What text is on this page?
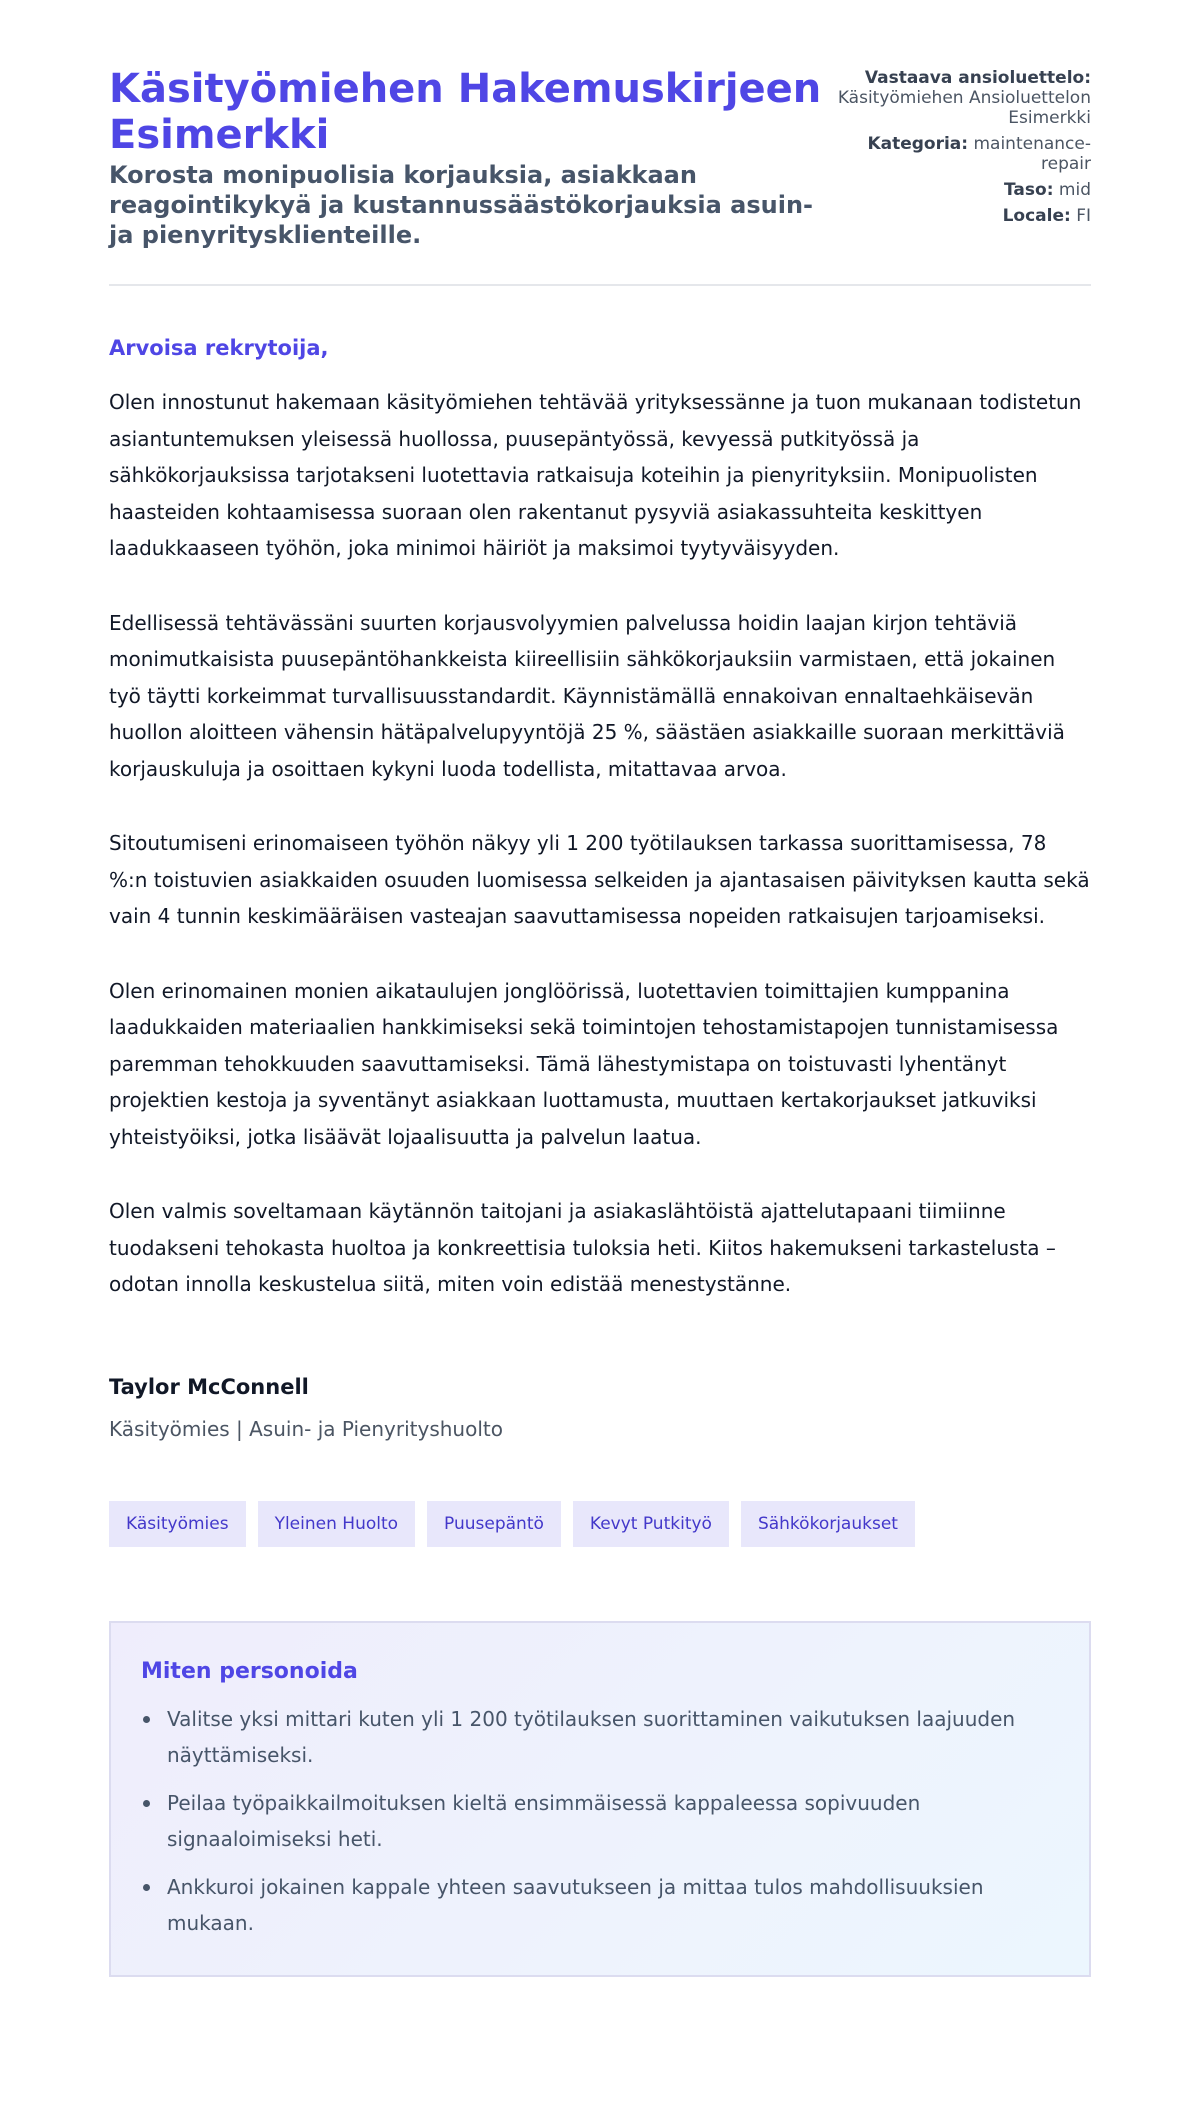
Käsityömiehen Hakemuskirjeen Esimerkki
Korosta monipuolisia korjauksia, asiakkaan reagointikykyä ja kustannussäästökorjauksia asuin- ja pienyritysklienteille.
Vastaava ansioluettelo: Käsityömiehen Ansioluettelon Esimerkki
Kategoria: maintenance-repair
Taso: mid
Locale: FI

Arvoisa rekrytoija,

Olen innostunut hakemaan käsityömiehen tehtävää yrityksessänne ja tuon mukanaan todistetun asiantuntemuksen yleisessä huollossa, puusepäntyössä, kevyessä putkityössä ja sähkökorjauksissa tarjotakseni luotettavia ratkaisuja koteihin ja pienyrityksiin. Monipuolisten haasteiden kohtaamisessa suoraan olen rakentanut pysyviä asiakassuhteita keskittyen laadukkaaseen työhön, joka minimoi häiriöt ja maksimoi tyytyväisyyden.

Edellisessä tehtävässäni suurten korjausvolyymien palvelussa hoidin laajan kirjon tehtäviä monimutkaisista puusepäntöhankkeista kiireellisiin sähkökorjauksiin varmistaen, että jokainen työ täytti korkeimmat turvallisuusstandardit. Käynnistämällä ennakoivan ennaltaehkäisevän huollon aloitteen vähensin hätäpalvelupyyntöjä 25 %, säästäen asiakkaille suoraan merkittäviä korjauskuluja ja osoittaen kykyni luoda todellista, mitattavaa arvoa.

Sitoutumiseni erinomaiseen työhön näkyy yli 1 200 työtilauksen tarkassa suorittamisessa, 78 %:n toistuvien asiakkaiden osuuden luomisessa selkeiden ja ajantasaisen päivityksen kautta sekä vain 4 tunnin keskimääräisen vasteajan saavuttamisessa nopeiden ratkaisujen tarjoamiseksi.

Olen erinomainen monien aikataulujen jonglöörissä, luotettavien toimittajien kumppanina laadukkaiden materiaalien hankkimiseksi sekä toimintojen tehostamistapojen tunnistamisessa paremman tehokkuuden saavuttamiseksi. Tämä lähestymistapa on toistuvasti lyhentänyt projektien kestoja ja syventänyt asiakkaan luottamusta, muuttaen kertakorjaukset jatkuviksi yhteistyöiksi, jotka lisäävät lojaalisuutta ja palvelun laatua.

Olen valmis soveltamaan käytännön taitojani ja asiakaslähtöistä ajattelutapaani tiimiinne tuodakseni tehokasta huoltoa ja konkreettisia tuloksia heti. Kiitos hakemukseni tarkastelusta – odotan innolla keskustelua siitä, miten voin edistää menestystänne.

Taylor McConnell
Käsityömies | Asuin- ja Pienyrityshuolto
Käsityömies	Yleinen Huolto	Puusepäntö	Kevyt Putkityö	Sähkökorjaukset
Miten personoida
Valitse yksi mittari kuten yli 1 200 työtilauksen suorittaminen vaikutuksen laajuuden näyttämiseksi.
Peilaa työpaikkailmoituksen kieltä ensimmäisessä kappaleessa sopivuuden signaaloimiseksi heti.
Ankkuroi jokainen kappale yhteen saavutukseen ja mittaa tulos mahdollisuuksien mukaan.
